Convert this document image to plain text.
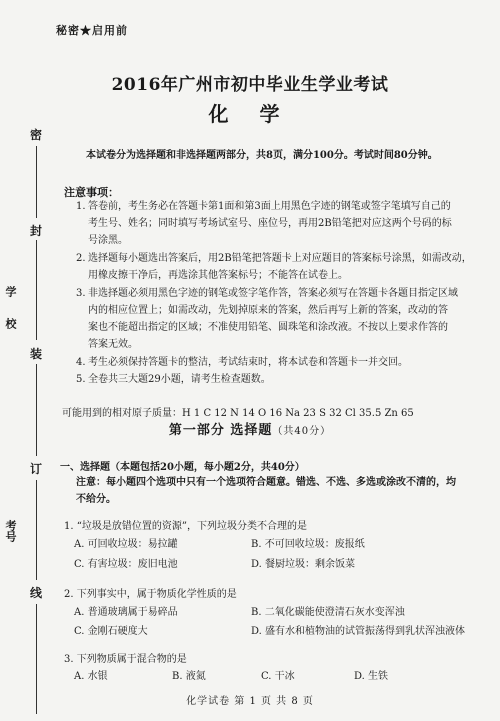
密
封
装
订
线
学
校
考号
秘密★启用前
2016年广州市初中毕业生学业考试
化 学
本试卷分为选择题和非选择题两部分，共8页，满分100分。考试时间80分钟。
注意事项：
1. 答卷前，考生务必在答题卡第1面和第3面上用黑色字迹的钢笔或签字笔填写自己的
考生号、姓名；同时填写考场试室号、座位号，再用2B铅笔把对应这两个号码的标
号涂黑。
2. 选择题每小题选出答案后，用2B铅笔把答题卡上对应题目的答案标号涂黑，如需改动，
用橡皮擦干净后，再选涂其他答案标号；不能答在试卷上。
3. 非选择题必须用黑色字迹的钢笔或签字笔作答，答案必须写在答题卡各题目指定区域
内的相应位置上；如需改动，先划掉原来的答案，然后再写上新的答案，改动的答
案也不能超出指定的区域；不准使用铅笔、圆珠笔和涂改液。不按以上要求作答的
答案无效。
4. 考生必须保持答题卡的整洁，考试结束时，将本试卷和答题卡一并交回。
5. 全卷共三大题29小题，请考生检查题数。
可能用到的相对原子质量：H 1 C 12 N 14 O 16 Na 23 S 32 Cl 35.5 Zn 65
第一部分 选择题（共40分）
一、选择题（本题包括20小题，每小题2分，共40分）
注意：每小题四个选项中只有一个选项符合题意。错选、不选、多选或涂改不清的，均
不给分。
1. “垃圾是放错位置的资源”，下列垃圾分类不合理的是
A. 可回收垃圾：易拉罐	B. 不可回收垃圾：废报纸
C. 有害垃圾：废旧电池	D. 餐厨垃圾：剩余饭菜
2. 下列事实中，属于物质化学性质的是
A. 普通玻璃属于易碎品	B. 二氧化碳能使澄清石灰水变浑浊
C. 金刚石硬度大	D. 盛有水和植物油的试管振荡得到乳状浑浊液体
3. 下列物质属于混合物的是
A. 水银	B. 液氮	C. 干冰	D. 生铁
化学试卷 第 1 页 共 8 页
